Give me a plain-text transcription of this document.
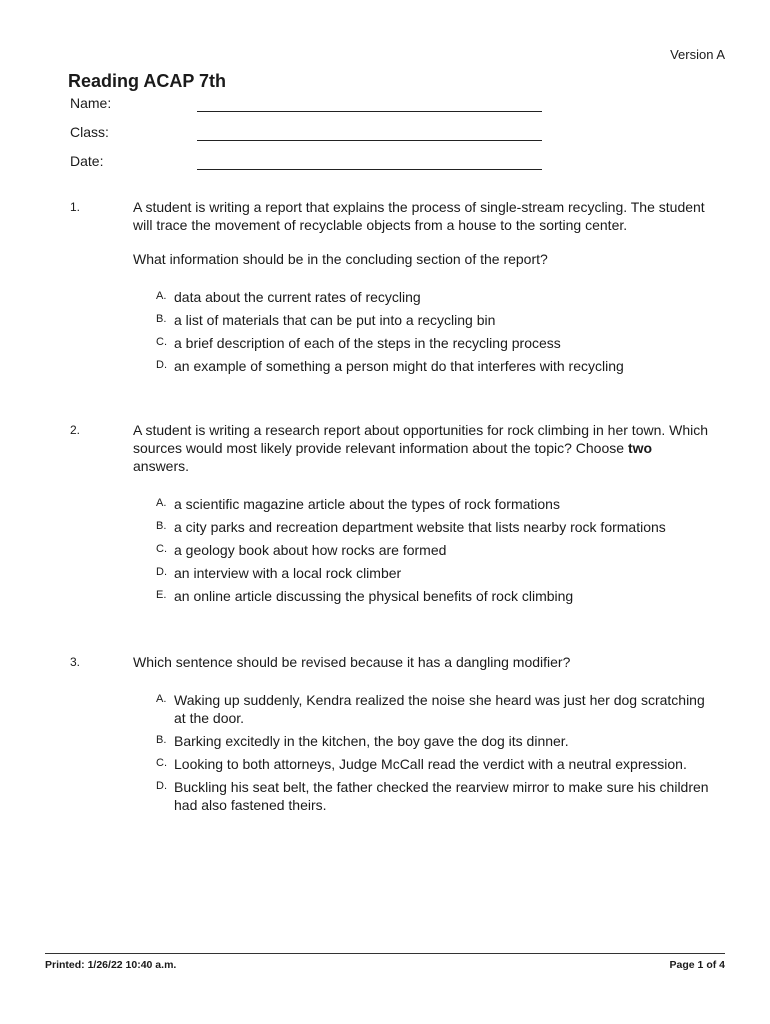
Version A
Reading ACAP 7th
Name:
Class:
Date:
1.	A student is writing a report that explains the process of single-stream recycling. The student will trace the movement of recyclable objects from a house to the sorting center.

What information should be in the concluding section of the report?

A. data about the current rates of recycling
B. a list of materials that can be put into a recycling bin
C. a brief description of each of the steps in the recycling process
D. an example of something a person might do that interferes with recycling
2.	A student is writing a research report about opportunities for rock climbing in her town. Which sources would most likely provide relevant information about the topic? Choose two answers.

A. a scientific magazine article about the types of rock formations
B. a city parks and recreation department website that lists nearby rock formations
C. a geology book about how rocks are formed
D. an interview with a local rock climber
E. an online article discussing the physical benefits of rock climbing
3.	Which sentence should be revised because it has a dangling modifier?

A. Waking up suddenly, Kendra realized the noise she heard was just her dog scratching at the door.
B. Barking excitedly in the kitchen, the boy gave the dog its dinner.
C. Looking to both attorneys, Judge McCall read the verdict with a neutral expression.
D. Buckling his seat belt, the father checked the rearview mirror to make sure his children had also fastened theirs.
Printed: 1/26/22 10:40 a.m.	Page 1 of 4
